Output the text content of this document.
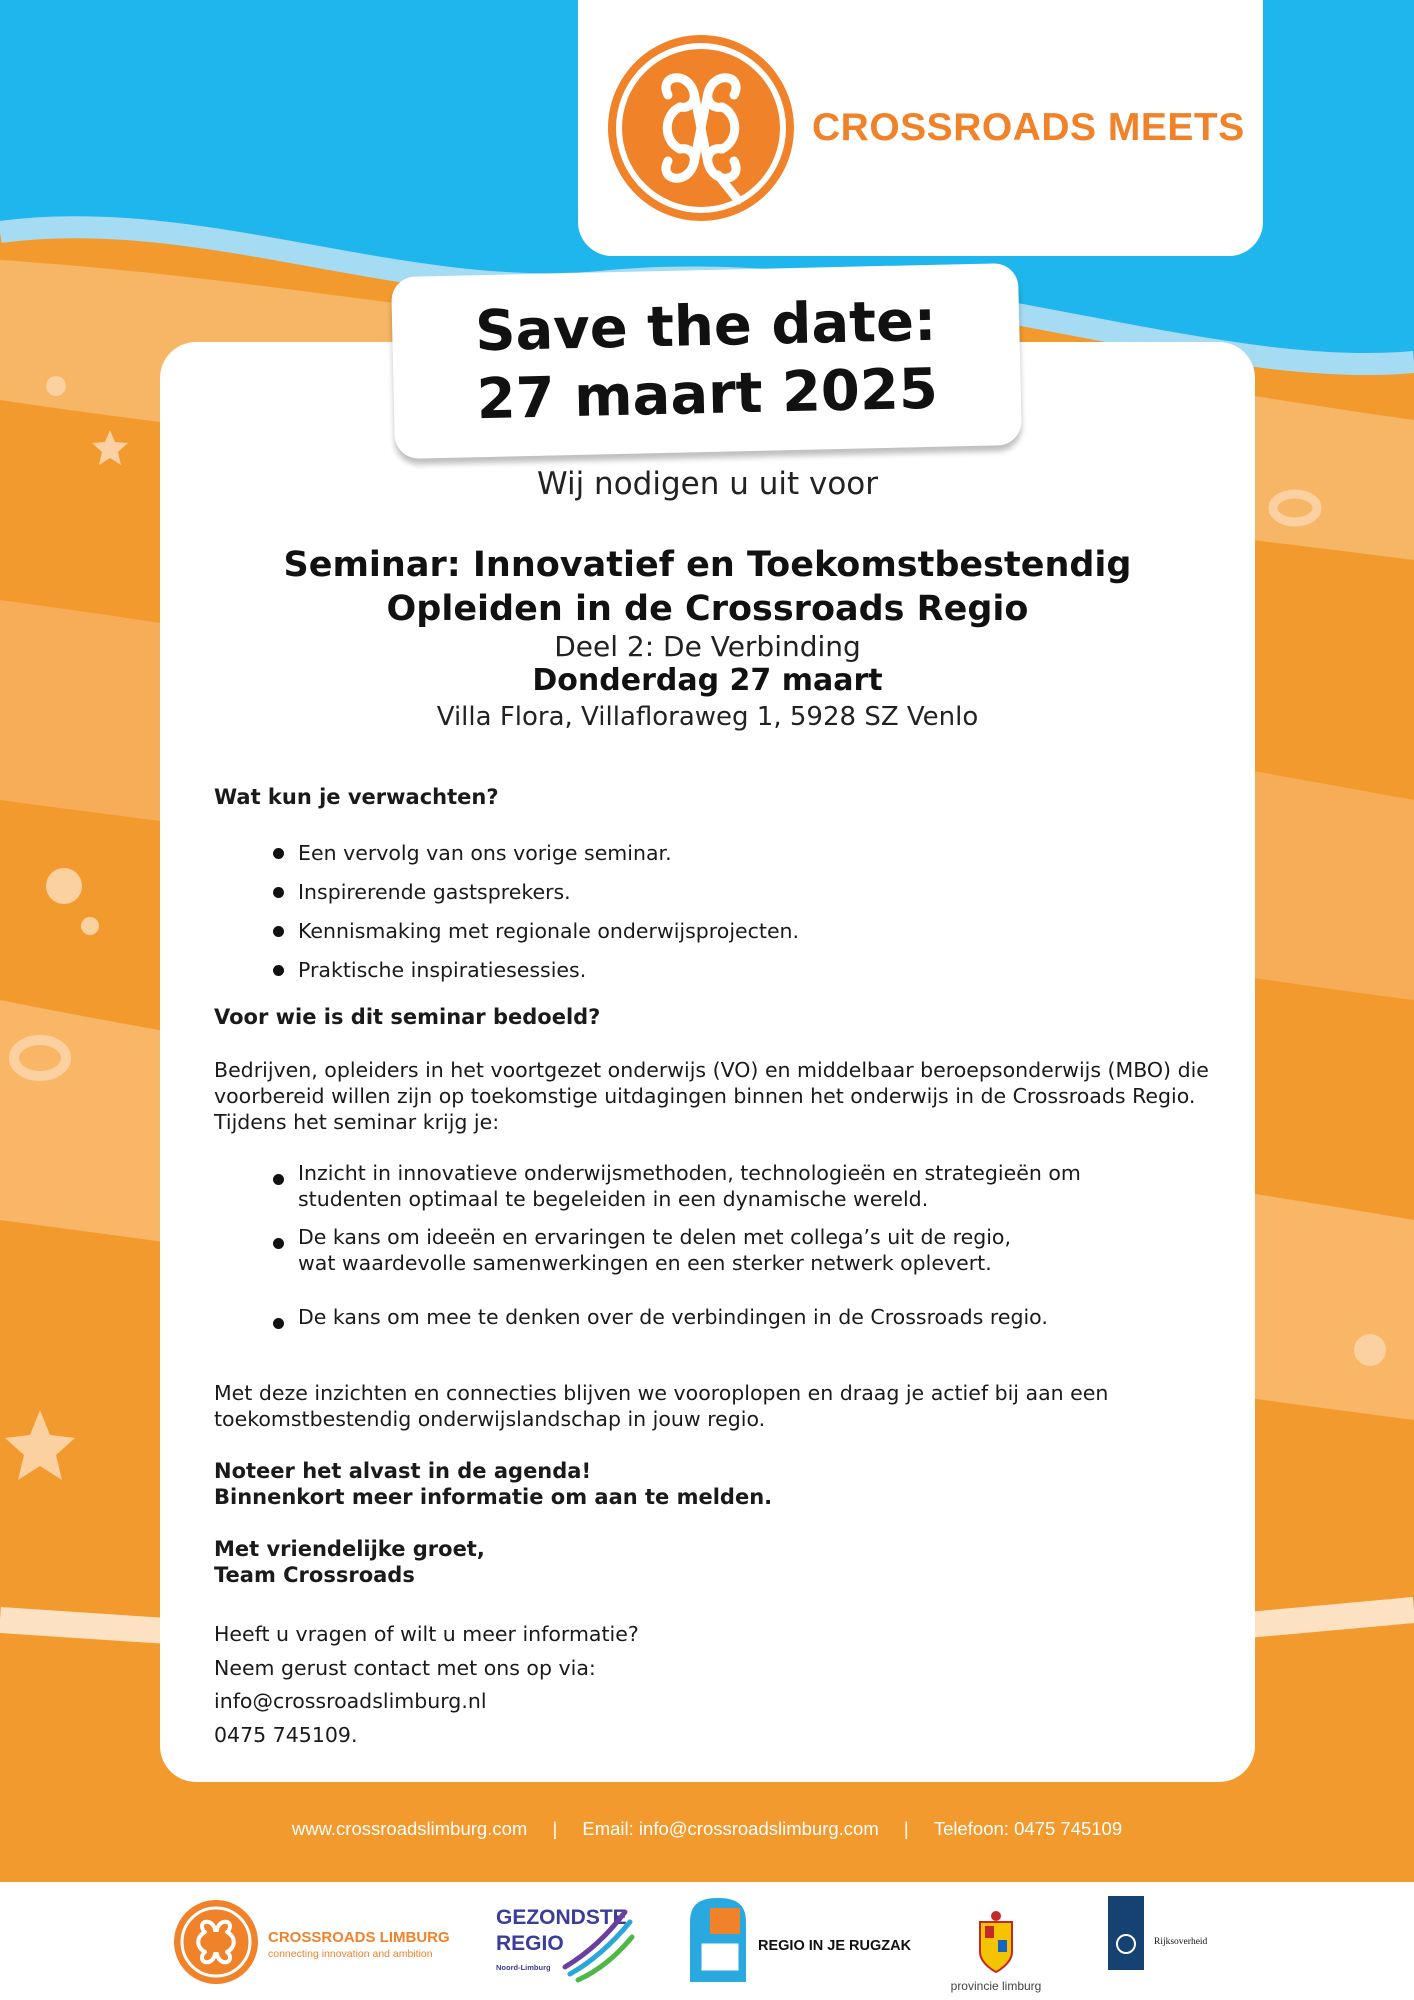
CROSSROADS MEETS
Save the date:
27 maart 2025
Wij nodigen u uit voor
Seminar: Innovatief en Toekomstbestendig
Opleiden in de Crossroads Regio
Deel 2: De Verbinding
Donderdag 27 maart
Villa Flora, Villafloraweg 1, 5928 SZ Venlo
Wat kun je verwachten?
Een vervolg van ons vorige seminar.
Inspirerende gastsprekers.
Kennismaking met regionale onderwijsprojecten.
Praktische inspiratiesessies.
Voor wie is dit seminar bedoeld?
Bedrijven, opleiders in het voortgezet onderwijs (VO) en middelbaar beroepsonderwijs (MBO) die voorbereid willen zijn op toekomstige uitdagingen binnen het onderwijs in de Crossroads Regio. Tijdens het seminar krijg je:
Inzicht in innovatieve onderwijsmethoden, technologieën en strategieën om studenten optimaal te begeleiden in een dynamische wereld.
De kans om ideeën en ervaringen te delen met collega’s uit de regio, wat waardevolle samenwerkingen en een sterker netwerk oplevert.
De kans om mee te denken over de verbindingen in de Crossroads regio.
Met deze inzichten en connecties blijven we vooroplopen en draag je actief bij aan een toekomstbestendig onderwijslandschap in jouw regio.
Noteer het alvast in de agenda!
Binnenkort meer informatie om aan te melden.
Met vriendelijke groet,
Team Crossroads
Heeft u vragen of wilt u meer informatie?
Neem gerust contact met ons op via:
info@crossroadslimburg.nl
0475 745109.
www.crossroadslimburg.com | Email: info@crossroadslimburg.com | Telefoon: 0475 745109
CROSSROADS LIMBURG
connecting innovation and ambition
GEZONDSTE
REGIO
Noord-Limburg
REGIO IN JE RUGZAK
provincie limburg
Rijksoverheid
